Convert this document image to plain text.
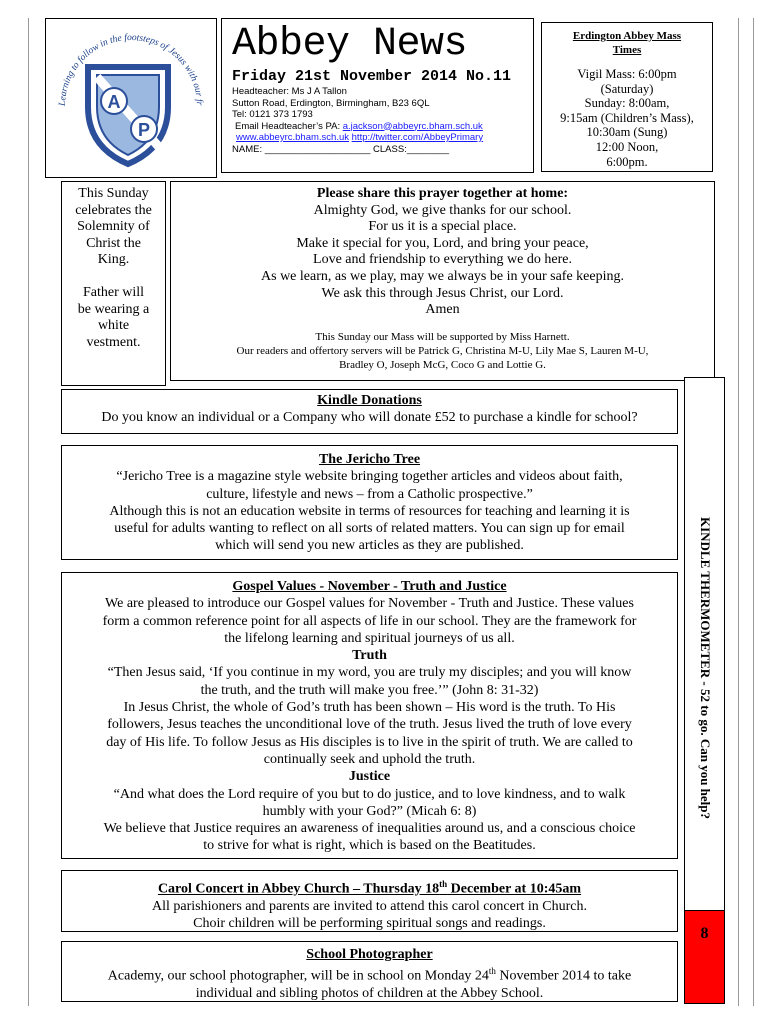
Learning to follow in the footsteps of Jesus with our fr
A
P
Abbey News
Friday 21st November 2014 No.11
Headteacher: Ms J A Tallon
Sutton Road, Erdington, Birmingham, B23 6QL
Tel: 0121 373 1793
Email Headteacher’s PA: a.jackson@abbeyrc.bham.sch.uk
www.abbeyrc.bham.sch.uk http://twitter.com/AbbeyPrimary
NAME: ____________________ CLASS:________
Erdington Abbey Mass
Times
Vigil Mass: 6:00pm
(Saturday)
Sunday: 8:00am,
9:15am (Children’s Mass),
10:30am (Sung)
12:00 Noon,
6:00pm.
This Sunday
celebrates the
Solemnity of
Christ the
King.
Father will
be wearing a
white
vestment.
Please share this prayer together at home:
Almighty God, we give thanks for our school.
For us it is a special place.
Make it special for you, Lord, and bring your peace,
Love and friendship to everything we do here.
As we learn, as we play, may we always be in your safe keeping.
We ask this through Jesus Christ, our Lord.
Amen
This Sunday our Mass will be supported by Miss Harnett.
Our readers and offertory servers will be Patrick G, Christina M-U, Lily Mae S, Lauren M-U,
Bradley O, Joseph McG, Coco G and Lottie G.
Kindle Donations
Do you know an individual or a Company who will donate £52 to purchase a kindle for school?
The Jericho Tree
“Jericho Tree is a magazine style website bringing together articles and videos about faith,
culture, lifestyle and news – from a Catholic prospective.”
Although this is not an education website in terms of resources for teaching and learning it is
useful for adults wanting to reflect on all sorts of related matters. You can sign up for email
which will send you new articles as they are published.
Gospel Values - November - Truth and Justice
We are pleased to introduce our Gospel values for November - Truth and Justice. These values
form a common reference point for all aspects of life in our school. They are the framework for
the lifelong learning and spiritual journeys of us all.
Truth
“Then Jesus said, ‘If you continue in my word, you are truly my disciples; and you will know
the truth, and the truth will make you free.’” (John 8: 31-32)
In Jesus Christ, the whole of God’s truth has been shown – His word is the truth. To His
followers, Jesus teaches the unconditional love of the truth. Jesus lived the truth of love every
day of His life. To follow Jesus as His disciples is to live in the spirit of truth. We are called to
continually seek and uphold the truth.
Justice
“And what does the Lord require of you but to do justice, and to love kindness, and to walk
humbly with your God?” (Micah 6: 8)
We believe that Justice requires an awareness of inequalities around us, and a conscious choice
to strive for what is right, which is based on the Beatitudes.
Carol Concert in Abbey Church – Thursday 18th December at 10:45am
All parishioners and parents are invited to attend this carol concert in Church.
Choir children will be performing spiritual songs and readings.
School Photographer
Academy, our school photographer, will be in school on Monday 24th November 2014 to take
individual and sibling photos of children at the Abbey School.
KINDLE THERMOMETER - 52 to go. Can you help?
8
